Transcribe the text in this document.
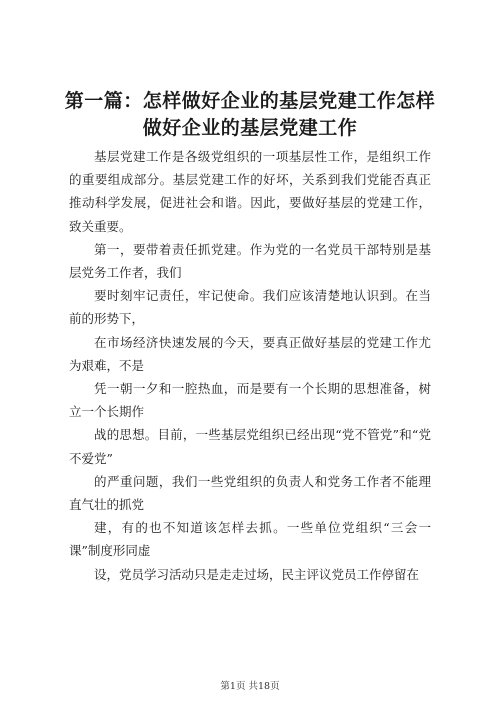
第一篇：怎样做好企业的基层党建工作怎样做好企业的基层党建工作

基层党建工作是各级党组织的一项基层性工作，是组织工作的重要组成部分。基层党建工作的好坏，关系到我们党能否真正推动科学发展，促进社会和谐。因此，要做好基层的党建工作，致关重要。

第一，要带着责任抓党建。作为党的一名党员干部特别是基层党务工作者，我们

要时刻牢记责任，牢记使命。我们应该清楚地认识到。在当前的形势下，

在市场经济快速发展的今天，要真正做好基层的党建工作尤为艰难，不是

凭一朝一夕和一腔热血，而是要有一个长期的思想准备，树立一个长期作

战的思想。目前，一些基层党组织已经出现“党不管党”和“党不爱党”

的严重问题，我们一些党组织的负责人和党务工作者不能理直气壮的抓党

建，有的也不知道该怎样去抓。一些单位党组织“三会一课”制度形同虚

设，党员学习活动只是走走过场，民主评议党员工作停留在

第1页 共18页
